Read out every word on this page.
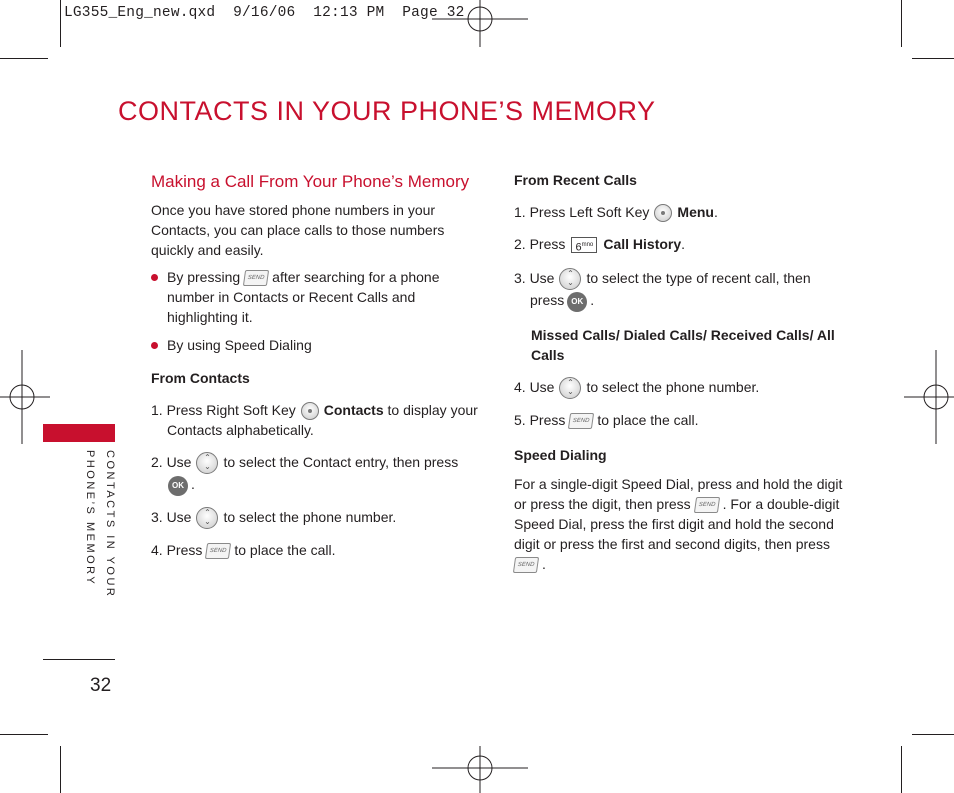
LG355_Eng_new.qxd  9/16/06  12:13 PM  Page 32
CONTACTS IN YOUR PHONE’S MEMORY
CONTACTS IN YOUR
PHONE’S MEMORY
32
Making a Call From Your Phone’s Memory
Once you have stored phone numbers in your
Contacts, you can place calls to those numbers
quickly and easily.
By pressing SEND after searching for a phone
number in Contacts or Recent Calls and
highlighting it.
By using Speed Dialing
From Contacts
1. Press Right Soft Key Contacts to display your
Contacts alphabetically.
2. Use ⌃
⌄ to select the Contact entry, then press
OK .
3. Use ⌃
⌄ to select the phone number.
4. Press SEND to place the call.
From Recent Calls
1. Press Left Soft Key Menu.
2. Press $6^{mno}$ Call History.
3. Use ⌃
⌄ to select the type of recent call, then
press OK .
Missed Calls/ Dialed Calls/ Received Calls/ All
Calls
4. Use ⌃
⌄ to select the phone number.
5. Press SEND to place the call.
Speed Dialing
For a single-digit Speed Dial, press and hold the digit
or press the digit, then press SEND . For a double-digit
Speed Dial, press the first digit and hold the second
digit or press the first and second digits, then press
SEND .
